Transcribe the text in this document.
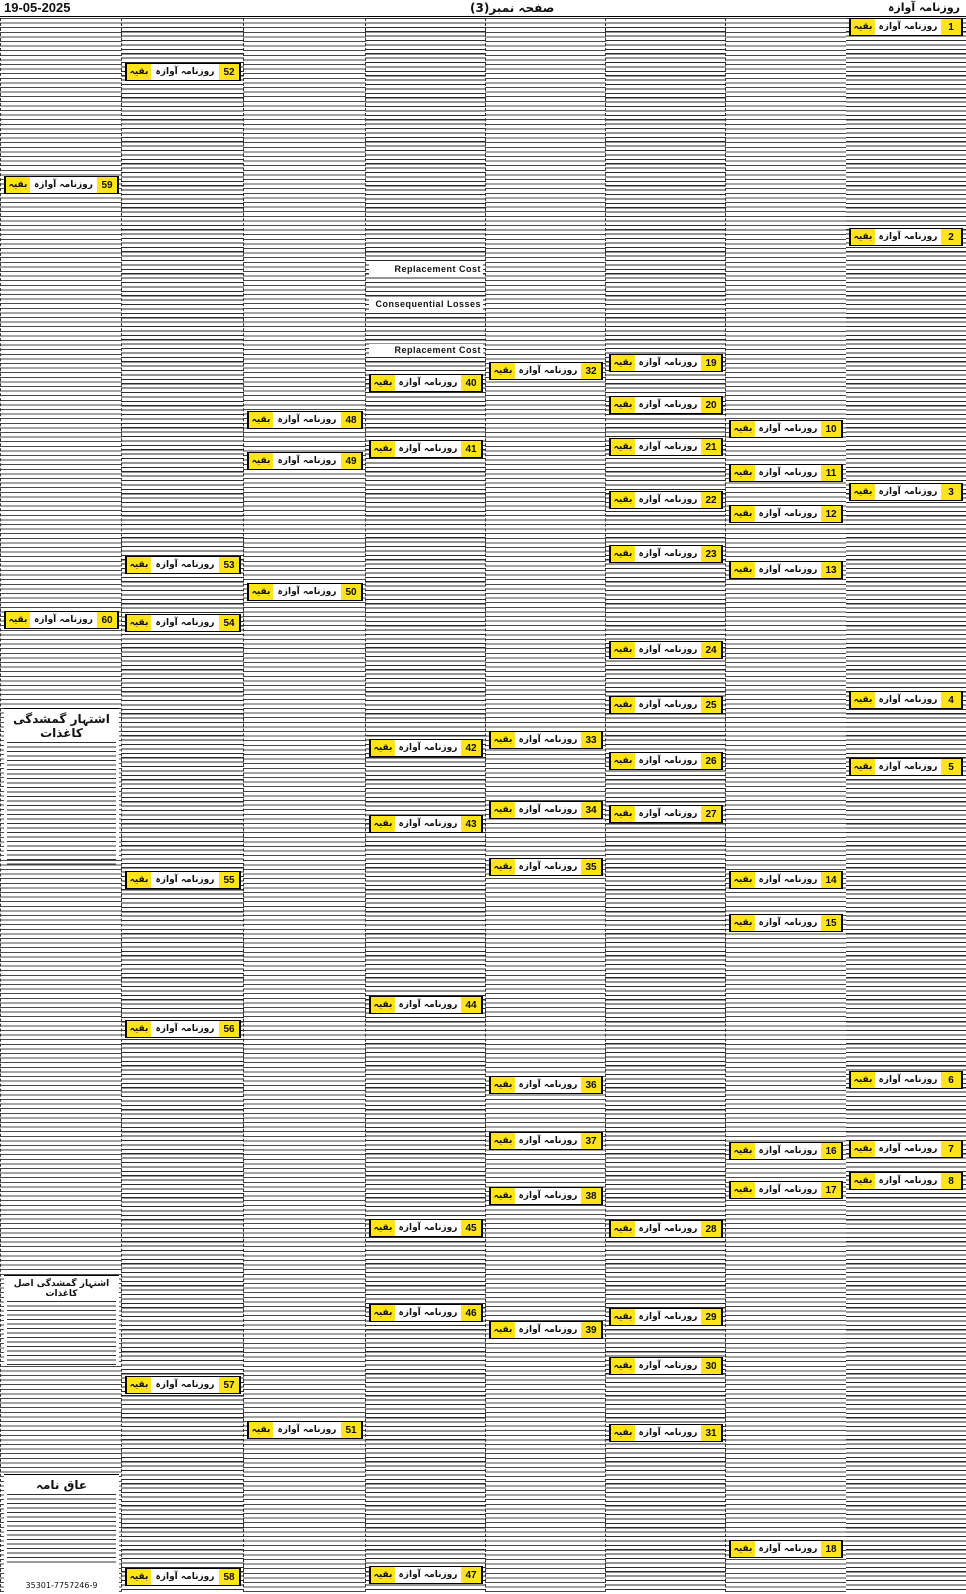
19-05-2025	صفحہ نمبر(3)	روزنامہ آوازہ
بقیہ روزنامہ آوازہ	1
بقیہ روزنامہ آوازہ	2
بقیہ روزنامہ آوازہ	3
بقیہ روزنامہ آوازہ	4
بقیہ روزنامہ آوازہ	5
بقیہ روزنامہ آوازہ	6
بقیہ روزنامہ آوازہ	7
بقیہ روزنامہ آوازہ	8
بقیہ روزنامہ آوازہ 10
بقیہ روزنامہ آوازہ 11
بقیہ روزنامہ آوازہ 12
بقیہ روزنامہ آوازہ 13
بقیہ روزنامہ آوازہ 14
بقیہ روزنامہ آوازہ 15
بقیہ روزنامہ آوازہ 16
بقیہ روزنامہ آوازہ 17
بقیہ روزنامہ آوازہ 18
بقیہ روزنامہ آوازہ 19
بقیہ روزنامہ آوازہ 20
بقیہ روزنامہ آوازہ 21
بقیہ روزنامہ آوازہ 22
بقیہ روزنامہ آوازہ 23
بقیہ روزنامہ آوازہ 24
بقیہ روزنامہ آوازہ 25
بقیہ روزنامہ آوازہ 26
بقیہ روزنامہ آوازہ 27
بقیہ روزنامہ آوازہ 28
بقیہ روزنامہ آوازہ 29
بقیہ روزنامہ آوازہ 30
بقیہ روزنامہ آوازہ 31
بقیہ روزنامہ آوازہ 32
بقیہ روزنامہ آوازہ 33
بقیہ روزنامہ آوازہ 34
بقیہ روزنامہ آوازہ 35
بقیہ روزنامہ آوازہ 36
بقیہ روزنامہ آوازہ 37
بقیہ روزنامہ آوازہ 38
بقیہ روزنامہ آوازہ 39
Replacement Cost
Consequential Losses
Replacement Cost
بقیہ روزنامہ آوازہ 40
بقیہ روزنامہ آوازہ 41
بقیہ روزنامہ آوازہ 42
بقیہ روزنامہ آوازہ 43
بقیہ روزنامہ آوازہ 44
بقیہ روزنامہ آوازہ 45
بقیہ روزنامہ آوازہ 46
بقیہ روزنامہ آوازہ 47
بقیہ روزنامہ آوازہ 48
بقیہ روزنامہ آوازہ 49
بقیہ روزنامہ آوازہ 50
بقیہ روزنامہ آوازہ 51
بقیہ روزنامہ آوازہ 52
بقیہ روزنامہ آوازہ 53
بقیہ روزنامہ آوازہ 54
بقیہ روزنامہ آوازہ 55
بقیہ روزنامہ آوازہ 56
بقیہ روزنامہ آوازہ 57
بقیہ روزنامہ آوازہ 58
بقیہ روزنامہ آوازہ 59
بقیہ روزنامہ آوازہ 60
اشتہار گمشدگی کاغذات
اشتہار گمشدگی اصل کاغذات
عاق نامہ
35301-7757246-9
